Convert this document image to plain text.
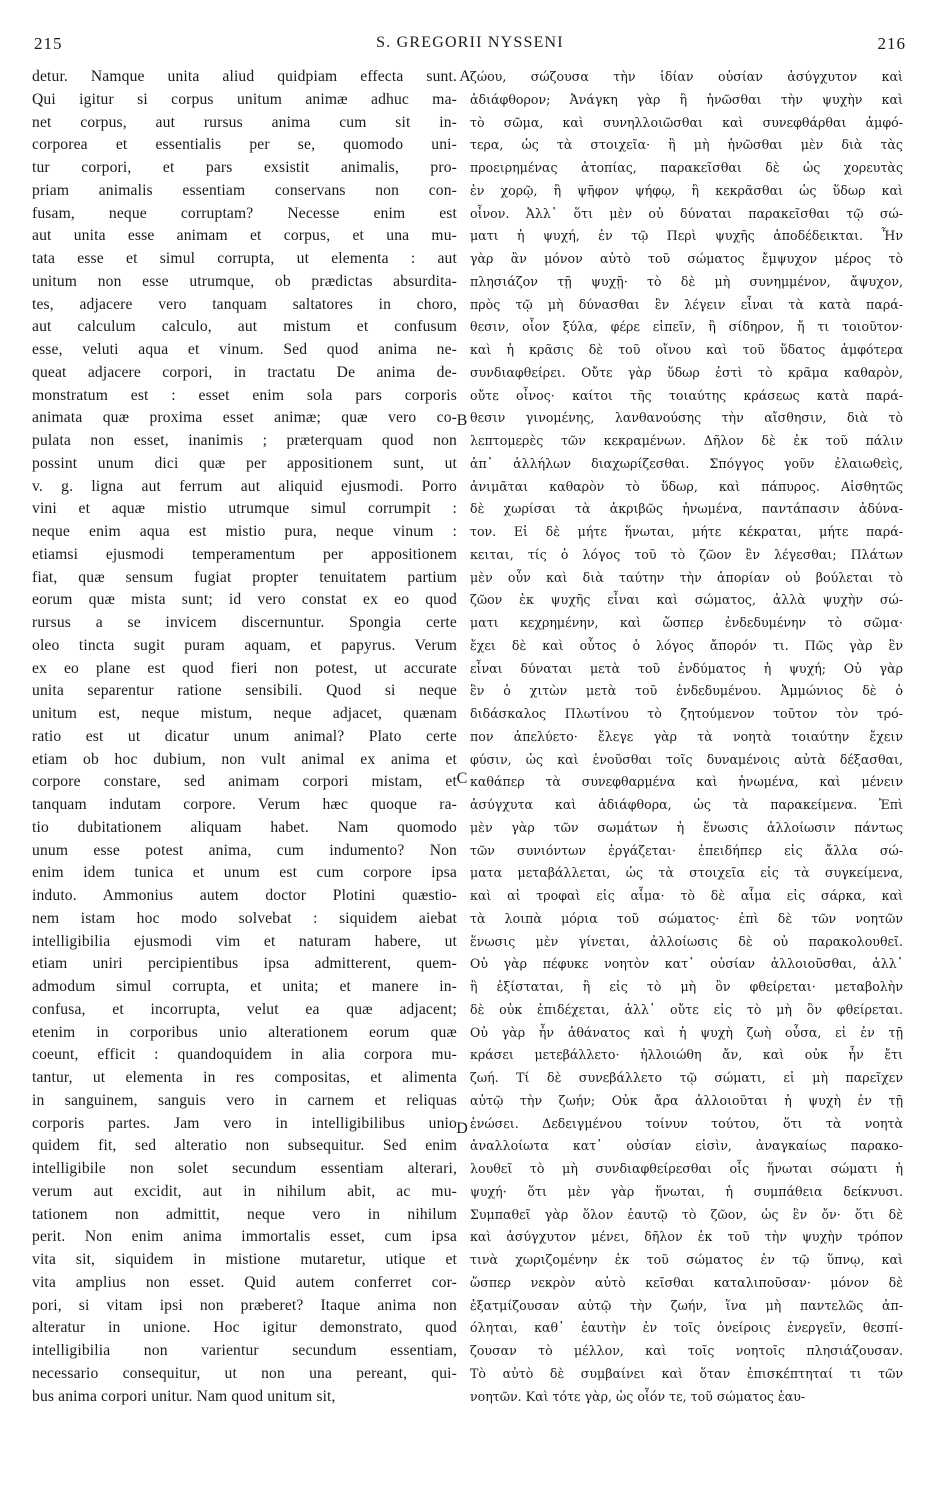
215	S. GREGORII NYSSENI	216
detur. Namque unita aliud quidpiam effecta sunt.
Qui igitur si corpus unitum animæ adhuc ma-
net corpus, aut rursus anima cum sit in-
corporea et essentialis per se, quomodo uni-
tur corpori, et pars exsistit animalis, pro-
priam animalis essentiam conservans non con-
fusam, neque corruptam? Necesse enim est
aut unita esse animam et corpus, et una mu-
tata esse et simul corrupta, ut elementa : aut
unitum non esse utrumque, ob prædictas absurdita-
tes, adjacere vero tanquam saltatores in choro,
aut calculum calculo, aut mistum et confusum
esse, veluti aqua et vinum. Sed quod anima ne-
queat adjacere corpori, in tractatu De anima de-
monstratum est : esset enim sola pars corporis
animata quæ proxima esset animæ; quæ vero co-
pulata non esset, inanimis ; præterquam quod non
possint unum dici quæ per appositionem sunt, ut
v. g. ligna aut ferrum aut aliquid ejusmodi. Porro
vini et aquæ mistio utrumque simul corrumpit :
neque enim aqua est mistio pura, neque vinum :
etiamsi ejusmodi temperamentum per appositionem
fiat, quæ sensum fugiat propter tenuitatem partium
eorum quæ mista sunt; id vero constat ex eo quod
rursus a se invicem discernuntur. Spongia certe
oleo tincta sugit puram aquam, et papyrus. Verum
ex eo plane est quod fieri non potest, ut accurate
unita separentur ratione sensibili. Quod si neque
unitum est, neque mistum, neque adjacet, quænam
ratio est ut dicatur unum animal? Plato certe
etiam ob hoc dubium, non vult animal ex anima et
corpore constare, sed animam corpori mistam, et
tanquam indutam corpore. Verum hæc quoque ra-
tio dubitationem aliquam habet. Nam quomodo
unum esse potest anima, cum indumento? Non
enim idem tunica et unum est cum corpore ipsa
induto. Ammonius autem doctor Plotini quæstio-
nem istam hoc modo solvebat : siquidem aiebat
intelligibilia ejusmodi vim et naturam habere, ut
etiam uniri percipientibus ipsa admitterent, quem-
admodum simul corrupta, et unita; et manere in-
confusa, et incorrupta, velut ea quæ adjacent;
etenim in corporibus unio alterationem eorum quæ
coeunt, efficit : quandoquidem in alia corpora mu-
tantur, ut elementa in res compositas, et alimenta
in sanguinem, sanguis vero in carnem et reliquas
corporis partes. Jam vero in intelligibilibus unio
quidem fit, sed alteratio non subsequitur. Sed enim
intelligibile non solet secundum essentiam alterari,
verum aut excidit, aut in nihilum abit, ac mu-
tationem non admittit, neque vero in nihilum
perit. Non enim anima immortalis esset, cum ipsa
vita sit, siquidem in mistione mutaretur, utique et
vita amplius non esset. Quid autem conferret cor-
pori, si vitam ipsi non præberet? Itaque anima non
alteratur in unione. Hoc igitur demonstrato, quod
intelligibilia non varientur secundum essentiam,
necessario consequitur, ut non una pereant, qui-
bus anima corpori unitur. Nam quod unitum sit,
ζώου, σώζουσα τὴν ἰδίαν οὐσίαν ἀσύγχυτον καὶ
ἀδιάφθορον; Ἀνάγκη γὰρ ἢ ἡνῶσθαι τὴν ψυχὴν καὶ
τὸ σῶμα, καὶ συνηλλοιῶσθαι καὶ συνεφθάρθαι ἀμφό-
τερα, ὡς τὰ στοιχεῖα· ἢ μὴ ἡνῶσθαι μὲν διὰ τὰς
προειρημένας ἀτοπίας, παρακεῖσθαι δὲ ὡς χορευτὰς
ἐν χορῷ, ἢ ψῆφον ψήφῳ, ἢ κεκρᾶσθαι ὡς ὕδωρ καὶ
οἶνον. Ἀλλ᾽ ὅτι μὲν οὐ δύναται παρακεῖσθαι τῷ σώ-
ματι ἡ ψυχή, ἐν τῷ Περὶ ψυχῆς ἀποδέδεικται. Ἦν
γὰρ ἂν μόνον αὐτὸ τοῦ σώματος ἔμψυχον μέρος τὸ
πλησιάζον τῇ ψυχῇ· τὸ δὲ μὴ συνημμένον, ἄψυχον,
πρὸς τῷ μὴ δύνασθαι ἓν λέγειν εἶναι τὰ κατὰ παρά-
θεσιν, οἷον ξύλα, φέρε εἰπεῖν, ἢ σίδηρον, ἤ τι τοιοῦτον·
καὶ ἡ κρᾶσις δὲ τοῦ οἴνου καὶ τοῦ ὕδατος ἀμφότερα
συνδιαφθείρει. Οὔτε γὰρ ὕδωρ ἐστὶ τὸ κρᾶμα καθαρὸν,
οὔτε οἶνος· καίτοι τῆς τοιαύτης κράσεως κατὰ παρά-
θεσιν γινομένης, λανθανούσης τὴν αἴσθησιν, διὰ τὸ
λεπτομερὲς τῶν κεκραμένων. Δῆλον δὲ ἐκ τοῦ πάλιν
ἀπ᾽ ἀλλήλων διαχωρίζεσθαι. Σπόγγος γοῦν ἐλαιωθεὶς,
ἀνιμᾶται καθαρὸν τὸ ὕδωρ, καὶ πάπυρος. Αἰσθητῶς
δὲ χωρίσαι τὰ ἀκριβῶς ἡνωμένα, παντάπασιν ἀδύνα-
τον. Εἰ δὲ μήτε ἥνωται, μήτε κέκραται, μήτε παρά-
κειται, τίς ὁ λόγος τοῦ τὸ ζῶον ἓν λέγεσθαι; Πλάτων
μὲν οὖν καὶ διὰ ταύτην τὴν ἀπορίαν οὐ βούλεται τὸ
ζῶον ἐκ ψυχῆς εἶναι καὶ σώματος, ἀλλὰ ψυχὴν σώ-
ματι κεχρημένην, καὶ ὥσπερ ἐνδεδυμένην τὸ σῶμα·
ἔχει δὲ καὶ οὗτος ὁ λόγος ἄπορόν τι. Πῶς γὰρ ἓν
εἶναι δύναται μετὰ τοῦ ἐνδύματος ἡ ψυχή; Οὐ γὰρ
ἓν ὁ χιτὼν μετὰ τοῦ ἐνδεδυμένου. Ἀμμώνιος δὲ ὁ
διδάσκαλος Πλωτίνου τὸ ζητούμενον τοῦτον τὸν τρό-
πον ἀπελύετο· ἔλεγε γὰρ τὰ νοητὰ τοιαύτην ἔχειν
φύσιν, ὡς καὶ ἑνοῦσθαι τοῖς δυναμένοις αὐτὰ δέξασθαι,
καθάπερ τὰ συνεφθαρμένα καὶ ἡνωμένα, καὶ μένειν
ἀσύγχυτα καὶ ἀδιάφθορα, ὡς τὰ παρακείμενα. Ἐπὶ
μὲν γὰρ τῶν σωμάτων ἡ ἕνωσις ἀλλοίωσιν πάντως
τῶν συνιόντων ἐργάζεται· ἐπειδήπερ εἰς ἄλλα σώ-
ματα μεταβάλλεται, ὡς τὰ στοιχεῖα εἰς τὰ συγκείμενα,
καὶ αἱ τροφαὶ εἰς αἷμα· τὸ δὲ αἷμα εἰς σάρκα, καὶ
τὰ λοιπὰ μόρια τοῦ σώματος· ἐπὶ δὲ τῶν νοητῶν
ἕνωσις μὲν γίνεται, ἀλλοίωσις δὲ οὐ παρακολουθεῖ.
Οὐ γὰρ πέφυκε νοητὸν κατ᾽ οὐσίαν ἀλλοιοῦσθαι, ἀλλ᾽
ἢ ἐξίσταται, ἢ εἰς τὸ μὴ ὂν φθείρεται· μεταβολὴν
δὲ οὐκ ἐπιδέχεται, ἀλλ᾽ οὔτε εἰς τὸ μὴ ὂν φθείρεται.
Οὐ γὰρ ἦν ἀθάνατος καὶ ἡ ψυχὴ ζωὴ οὖσα, εἰ ἐν τῇ
κράσει μετεβάλλετο· ἠλλοιώθη ἄν, καὶ οὐκ ἦν ἔτι
ζωή. Τί δὲ συνεβάλλετο τῷ σώματι, εἰ μὴ παρεῖχεν
αὐτῷ τὴν ζωήν; Οὐκ ἄρα ἀλλοιοῦται ἡ ψυχὴ ἐν τῇ
ἑνώσει. Δεδειγμένου τοίνυν τούτου, ὅτι τὰ νοητὰ
ἀναλλοίωτα κατ᾽ οὐσίαν εἰσὶν, ἀναγκαίως παρακο-
λουθεῖ τὸ μὴ συνδιαφθείρεσθαι οἷς ἥνωται σώματι ἡ
ψυχή· ὅτι μὲν γὰρ ἥνωται, ἡ συμπάθεια δείκνυσι.
Συμπαθεῖ γὰρ ὅλον ἑαυτῷ τὸ ζῶον, ὡς ἓν ὄν· ὅτι δὲ
καὶ ἀσύγχυτον μένει, δῆλον ἐκ τοῦ τὴν ψυχὴν τρόπον
τινὰ χωριζομένην ἐκ τοῦ σώματος ἐν τῷ ὕπνῳ, καὶ
ὥσπερ νεκρὸν αὐτὸ κεῖσθαι καταλιποῦσαν· μόνον δὲ
ἐξατμίζουσαν αὐτῷ τὴν ζωήν, ἵνα μὴ παντελῶς ἀπ-
όληται, καθ᾽ ἑαυτὴν ἐν τοῖς ὀνείροις ἐνεργεῖν, θεσπί-
ζουσαν τὸ μέλλον, καὶ τοῖς νοητοῖς πλησιάζουσαν.
Τὸ αὐτὸ δὲ συμβαίνει καὶ ὅταν ἐπισκέπτηταί τι τῶν
νοητῶν. Καὶ τότε γὰρ, ὡς οἷόν τε, τοῦ σώματος ἑαυ-
A
B
C
D
